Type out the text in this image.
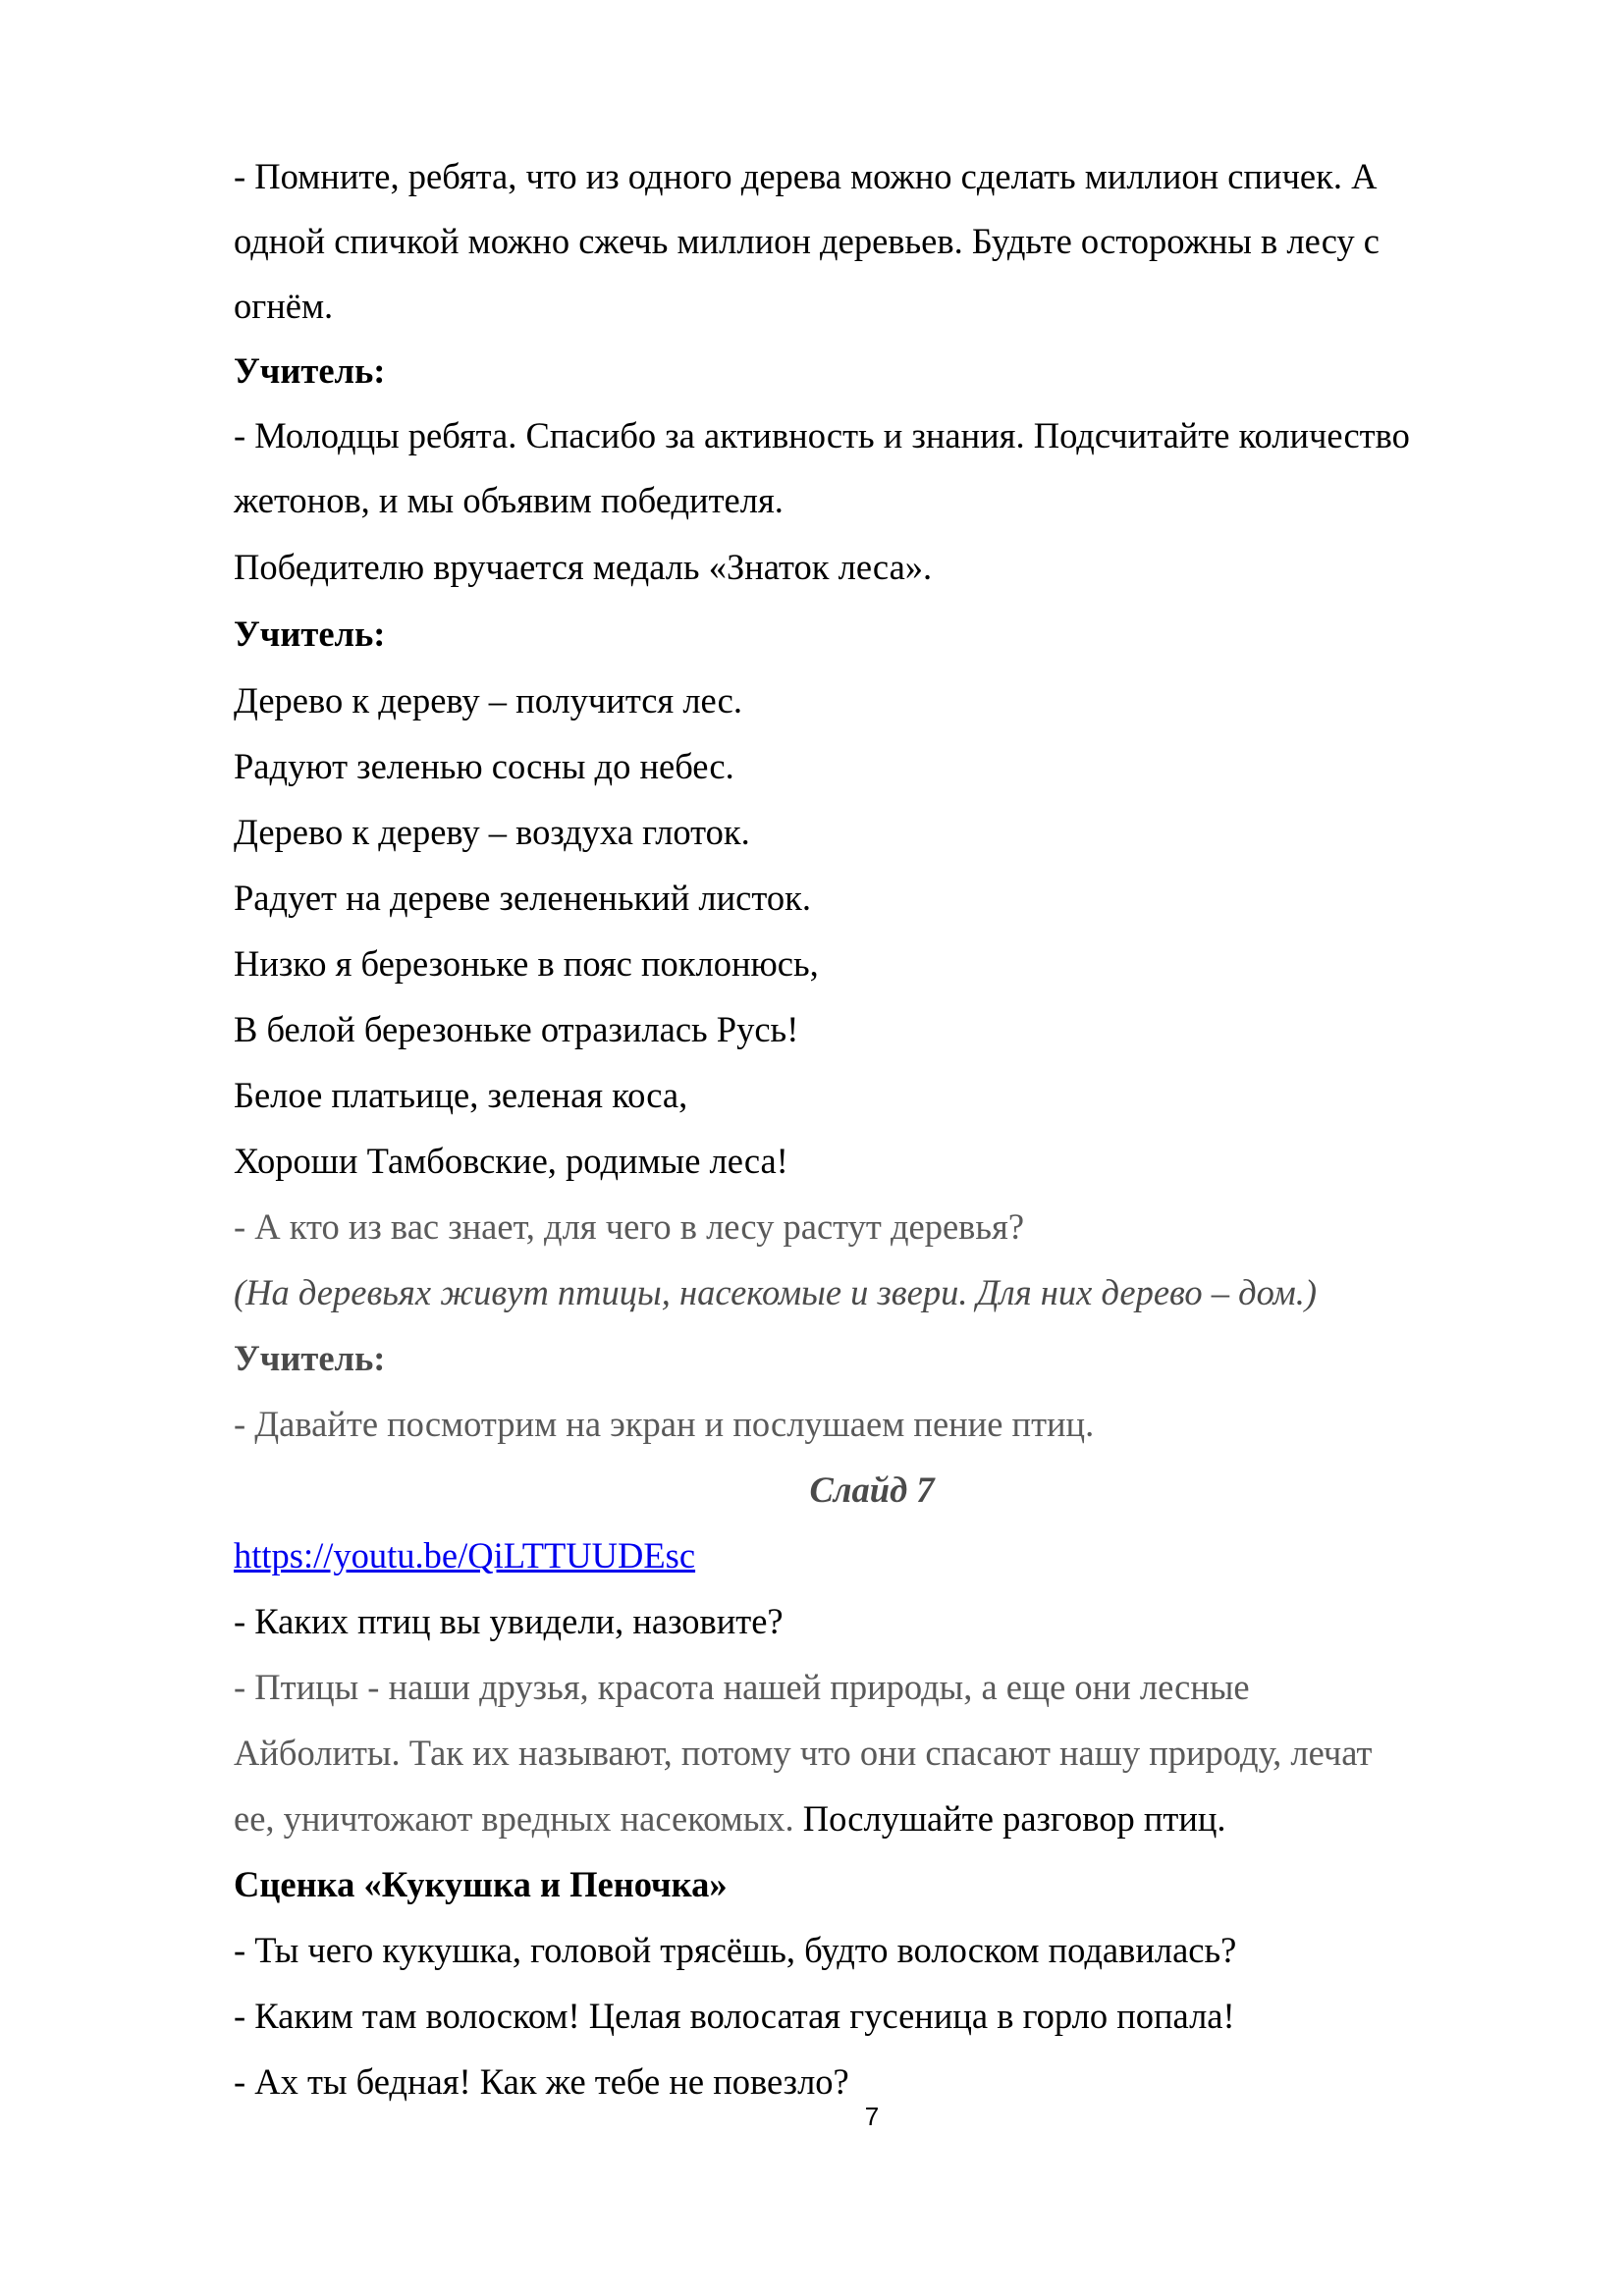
- Помните, ребята, что из одного дерева можно сделать миллион спичек. А
одной спичкой можно сжечь миллион деревьев. Будьте осторожны в лесу с
огнём.
Учитель:
- Молодцы ребята. Спасибо за активность и знания. Подсчитайте количество
жетонов, и мы объявим победителя.
Победителю вручается медаль «Знаток леса».
Учитель:
Дерево к дереву – получится лес.
Радуют зеленью сосны до небес.
Дерево к дереву – воздуха глоток.
Радует на дереве зелененький листок.
Низко я березоньке в пояс поклонюсь,
В белой березоньке отразилась Русь!
Белое платьице, зеленая коса,
Хороши Тамбовские, родимые леса!
- А кто из вас знает, для чего в лесу растут деревья?
(На деревьях живут птицы, насекомые и звери. Для них дерево – дом.)
Учитель:
- Давайте посмотрим на экран и послушаем пение птиц.
Слайд 7
https://youtu.be/QiLTTUUDEsc
- Каких птиц вы увидели, назовите?
- Птицы - наши друзья, красота нашей природы, а еще они лесные
Айболиты. Так их называют, потому что они спасают нашу природу, лечат
ее, уничтожают вредных насекомых. Послушайте разговор птиц.
Сценка «Кукушка и Пеночка»
- Ты чего кукушка, головой трясёшь, будто волоском подавилась?
- Каким там волоском! Целая волосатая гусеница в горло попала!
- Ах ты бедная! Как же тебе не повезло?
7
